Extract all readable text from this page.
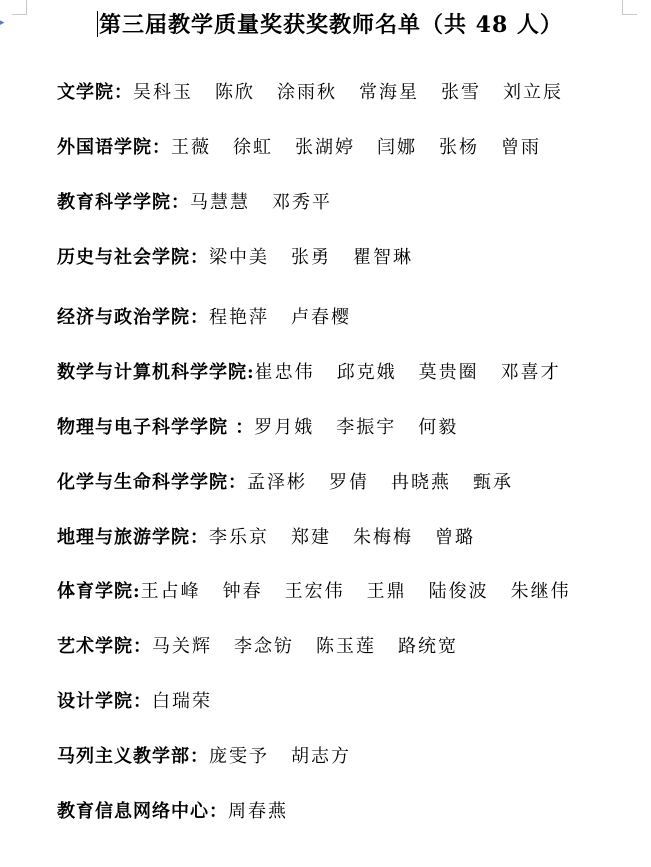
▸	第三届教学质量奖获奖教师名单（共 48 人）
文学院：吴科玉 陈欣 涂雨秋 常海星 张雪 刘立辰
外国语学院：王薇 徐虹 张湖婷 闫娜 张杨 曾雨
教育科学学院：马慧慧 邓秀平
历史与社会学院：梁中美 张勇 瞿智琳
经济与政治学院：程艳萍 卢春樱
数学与计算机科学学院:崔忠伟 邱克娥 莫贵圈 邓喜才
物理与电子科学学院 ：罗月娥 李振宇 何毅
化学与生命科学学院：孟泽彬 罗倩 冉晓燕 甄承
地理与旅游学院：李乐京 郑建 朱梅梅 曾璐
体育学院:王占峰 钟春 王宏伟 王鼎 陆俊波 朱继伟
艺术学院：马关辉 李念钫 陈玉莲 路统宽
设计学院：白瑞荣
马列主义教学部：庞雯予 胡志方
教育信息网络中心：周春燕
